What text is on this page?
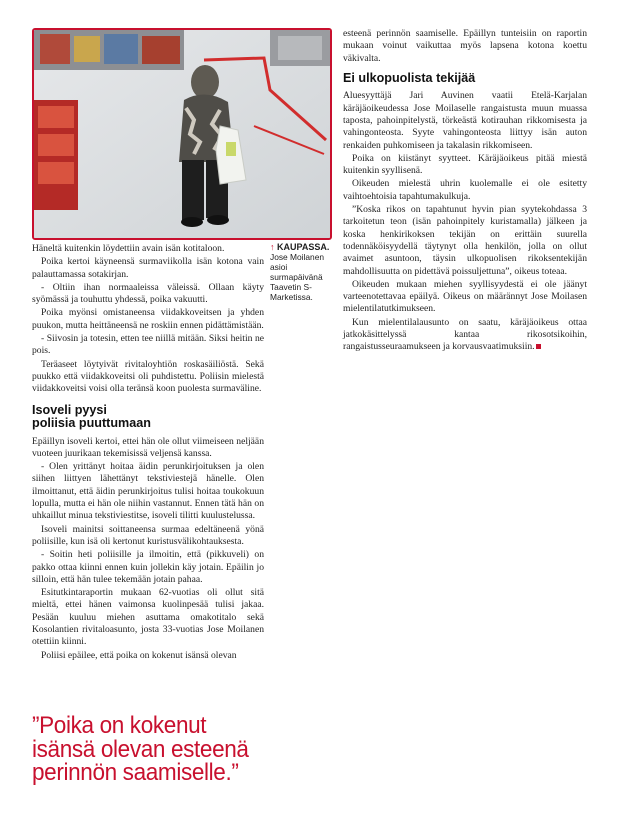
↑ KAUPASSA.
Jose Moilanen asioi surmapäivänä Taavetin S-Marketissa.

Häneltä kuitenkin löydettiin avain isän kotitaloon.

Poika kertoi käyneensä surmaviikolla isän kotona vain palauttamassa sotakirjan.

- Oltiin ihan normaaleissa väleissä. Ollaan käyty syömässä ja touhuttu yhdessä, poika vakuutti.

Poika myönsi omistaneensa viidakkoveitsen ja yhden puukon, mutta heittäneensä ne roskiin ennen pidättämistään.

- Siivosin ja totesin, etten tee niillä mitään. Siksi heitin ne pois.

Teräaseet löytyivät rivitaloyhtiön roskasäiliöstä. Sekä puukko että viidakkoveitsi oli puhdistettu. Poliisin mielestä viidakkoveitsi voisi olla teränsä koon puolesta surmaväline.

Isoveli pyysi
poliisia puuttumaan

Epäillyn isoveli kertoi, ettei hän ole ollut viimeiseen neljään vuoteen juurikaan tekemisissä veljensä kanssa.

- Olen yrittänyt hoitaa äidin perunkirjoituksen ja olen siihen liittyen lähettänyt tekstiviestejä hänelle. Olen ilmoittanut, että äidin perunkirjoitus tulisi hoitaa toukokuun lopulla, mutta ei hän ole niihin vastannut. Ennen tätä hän on uhkaillut minua tekstiviestitse, isoveli tilitti kuulustelussa.

Isoveli mainitsi soittaneensa surmaa edeltäneenä yönä poliisille, kun isä oli kertonut kuristusvälikohtauksesta.

- Soitin heti poliisille ja ilmoitin, että (pikkuveli) on pakko ottaa kiinni ennen kuin jollekin käy jotain. Epäilin jo silloin, että hän tulee tekemään jotain pahaa.

Esitutkintaraportin mukaan 62-vuotias oli ollut sitä mieltä, ettei hänen vaimonsa kuolinpesää tulisi jakaa. Pesään kuuluu miehen asuttama omakotitalo sekä Kosolantien rivitaloasunto, josta 33-vuotias Jose Moilanen otettiin kiinni.

Poliisi epäilee, että poika on kokenut isänsä olevan

esteenä perinnön saamiselle. Epäillyn tunteisiin on raportin mukaan voinut vaikuttaa myös lapsena kotona koettu väkivalta.

Ei ulkopuolista tekijää

Aluesyyttäjä Jari Auvinen vaatii Etelä-Karjalan käräjäoikeudessa Jose Moilaselle rangaistusta muun muassa taposta, pahoinpitelystä, törkeästä kotirauhan rikkomisesta ja vahingonteosta. Syyte vahingonteosta liittyy isän auton renkaiden puhkomiseen ja takalasin rikkomiseen.

Poika on kiistänyt syytteet. Käräjäoikeus pitää miestä kuitenkin syyllisenä.

Oikeuden mielestä uhrin kuolemalle ei ole esitetty vaihtoehtoisia tapahtumakulkuja.

”Koska rikos on tapahtunut hyvin pian syytekohdassa 3 tarkoitetun teon (isän pahoinpitely kuristamalla) jälkeen ja koska henkirikoksen tekijän on erittäin suurella todennäköisyydellä täytynyt olla henkilön, jolla on ollut avaimet asuntoon, täysin ulkopuolisen rikoksentekijän mahdollisuutta on pidettävä poissuljettuna”, oikeus toteaa.

Oikeuden mukaan miehen syyllisyydestä ei ole jäänyt varteenotettavaa epäilyä. Oikeus on määrännyt Jose Moilasen mielentilatutkimukseen.

Kun mielentilalausunto on saatu, käräjäoikeus ottaa jatkokäsittelyssä kantaa rikosotsikoihin, rangaistusseuraamukseen ja korvausvaatimuksiin.

”Poika on kokenut
isänsä olevan esteenä
perinnön saamiselle.”
